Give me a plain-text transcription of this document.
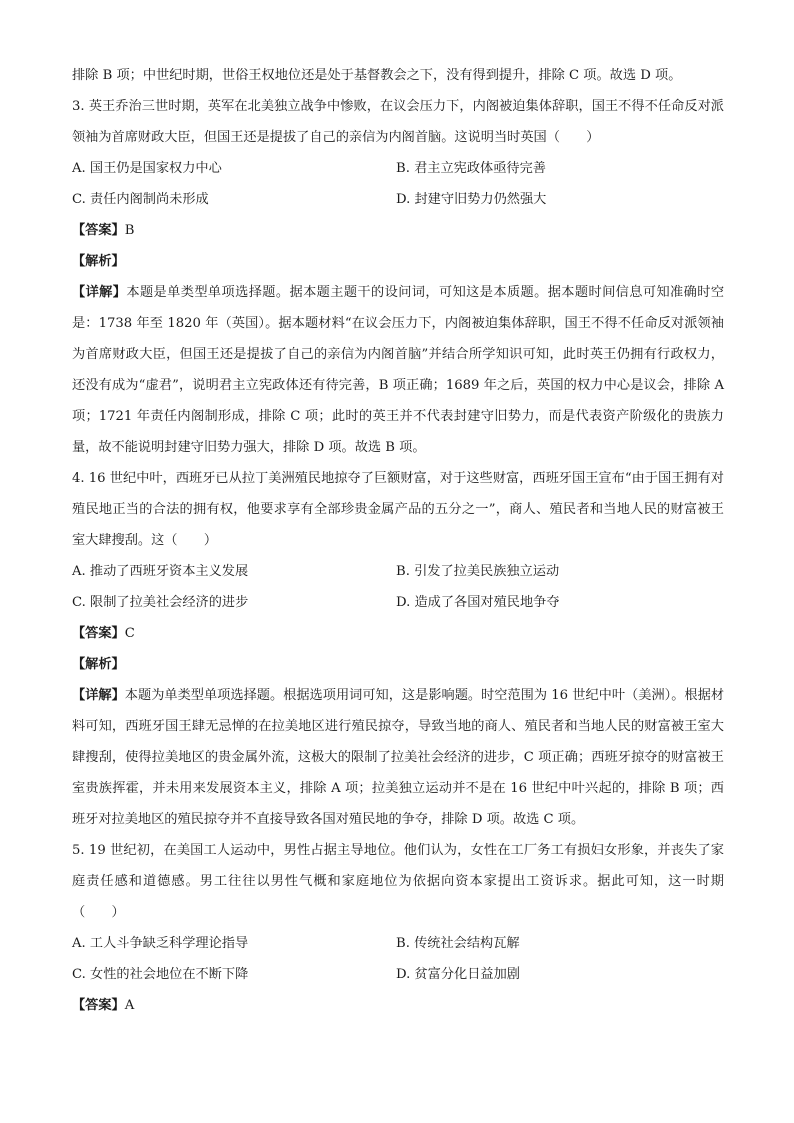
排除 B 项；中世纪时期，世俗王权地位还是处于基督教会之下，没有得到提升，排除 C 项。故选 D 项。

3. 英王乔治三世时期，英军在北美独立战争中惨败，在议会压力下，内阁被迫集体辞职，国王不得不任命反对派领袖为首席财政大臣，但国王还是提拔了自己的亲信为内阁首脑。这说明当时英国（　　）

A. 国王仍是国家权力中心	B. 君主立宪政体亟待完善
C. 责任内阁制尚未形成	D. 封建守旧势力仍然强大

【答案】B

【解析】

【详解】本题是单类型单项选择题。据本题主题干的设问词，可知这是本质题。据本题时间信息可知准确时空是：1738 年至 1820 年（英国）。据本题材料“在议会压力下，内阁被迫集体辞职，国王不得不任命反对派领袖为首席财政大臣，但国王还是提拔了自己的亲信为内阁首脑”并结合所学知识可知，此时英王仍拥有行政权力，还没有成为“虚君”，说明君主立宪政体还有待完善，B 项正确；1689 年之后，英国的权力中心是议会，排除 A 项；1721 年责任内阁制形成，排除 C 项；此时的英王并不代表封建守旧势力，而是代表资产阶级化的贵族力量，故不能说明封建守旧势力强大，排除 D 项。故选 B 项。

4. 16 世纪中叶，西班牙已从拉丁美洲殖民地掠夺了巨额财富，对于这些财富，西班牙国王宣布“由于国王拥有对殖民地正当的合法的拥有权，他要求享有全部珍贵金属产品的五分之一”，商人、殖民者和当地人民的财富被王室大肆搜刮。这（　　）

A. 推动了西班牙资本主义发展	B. 引发了拉美民族独立运动
C. 限制了拉美社会经济的进步	D. 造成了各国对殖民地争夺

【答案】C

【解析】

【详解】本题为单类型单项选择题。根据选项用词可知，这是影响题。时空范围为 16 世纪中叶（美洲）。根据材料可知，西班牙国王肆无忌惮的在拉美地区进行殖民掠夺，导致当地的商人、殖民者和当地人民的财富被王室大肆搜刮，使得拉美地区的贵金属外流，这极大的限制了拉美社会经济的进步，C 项正确；西班牙掠夺的财富被王室贵族挥霍，并未用来发展资本主义，排除 A 项；拉美独立运动并不是在 16 世纪中叶兴起的，排除 B 项；西班牙对拉美地区的殖民掠夺并不直接导致各国对殖民地的争夺，排除 D 项。故选 C 项。

5. 19 世纪初，在美国工人运动中，男性占据主导地位。他们认为，女性在工厂务工有损妇女形象，并丧失了家庭责任感和道德感。男工往往以男性气概和家庭地位为依据向资本家提出工资诉求。据此可知，这一时期（　　）

A. 工人斗争缺乏科学理论指导	B. 传统社会结构瓦解
C. 女性的社会地位在不断下降	D. 贫富分化日益加剧

【答案】A
